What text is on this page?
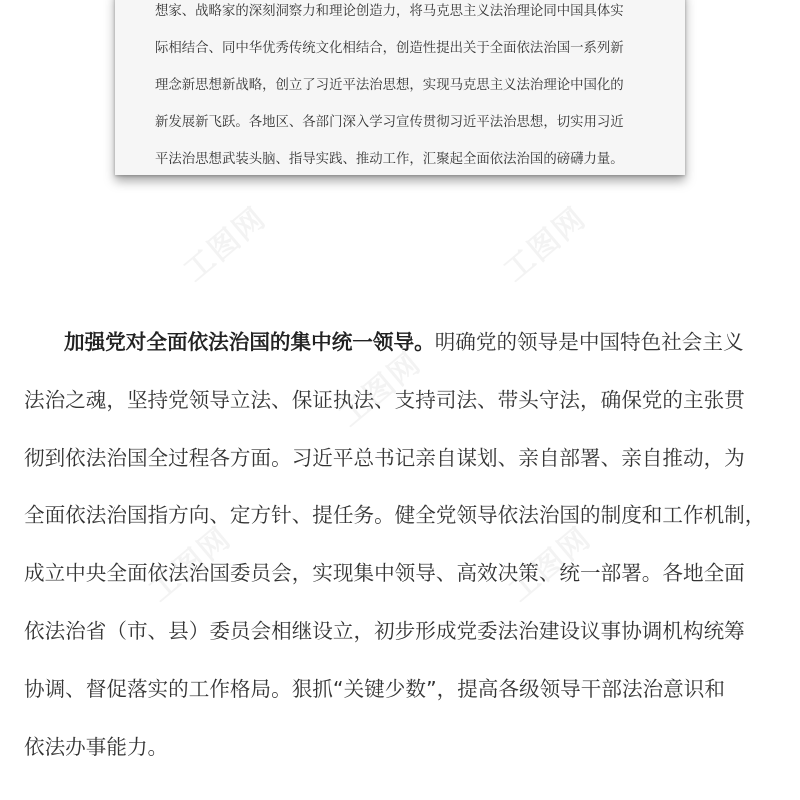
工图网	工图网
工图网
工图网	工图网
想家、战略家的深刻洞察力和理论创造力，将马克思主义法治理论同中国具体实
际相结合、同中华优秀传统文化相结合，创造性提出关于全面依法治国一系列新
理念新思想新战略，创立了习近平法治思想，实现马克思主义法治理论中国化的
新发展新飞跃。各地区、各部门深入学习宣传贯彻习近平法治思想，切实用习近
平法治思想武装头脑、指导实践、推动工作，汇聚起全面依法治国的磅礴力量。
加强党对全面依法治国的集中统一领导。明确党的领导是中国特色社会主义
法治之魂，坚持党领导立法、保证执法、支持司法、带头守法，确保党的主张贯
彻到依法治国全过程各方面。习近平总书记亲自谋划、亲自部署、亲自推动，为
全面依法治国指方向、定方针、提任务。健全党领导依法治国的制度和工作机制，
成立中央全面依法治国委员会，实现集中领导、高效决策、统一部署。各地全面
依法治省（市、县）委员会相继设立，初步形成党委法治建设议事协调机构统筹
协调、督促落实的工作格局。狠抓“关键少数”，提高各级领导干部法治意识和
依法办事能力。
